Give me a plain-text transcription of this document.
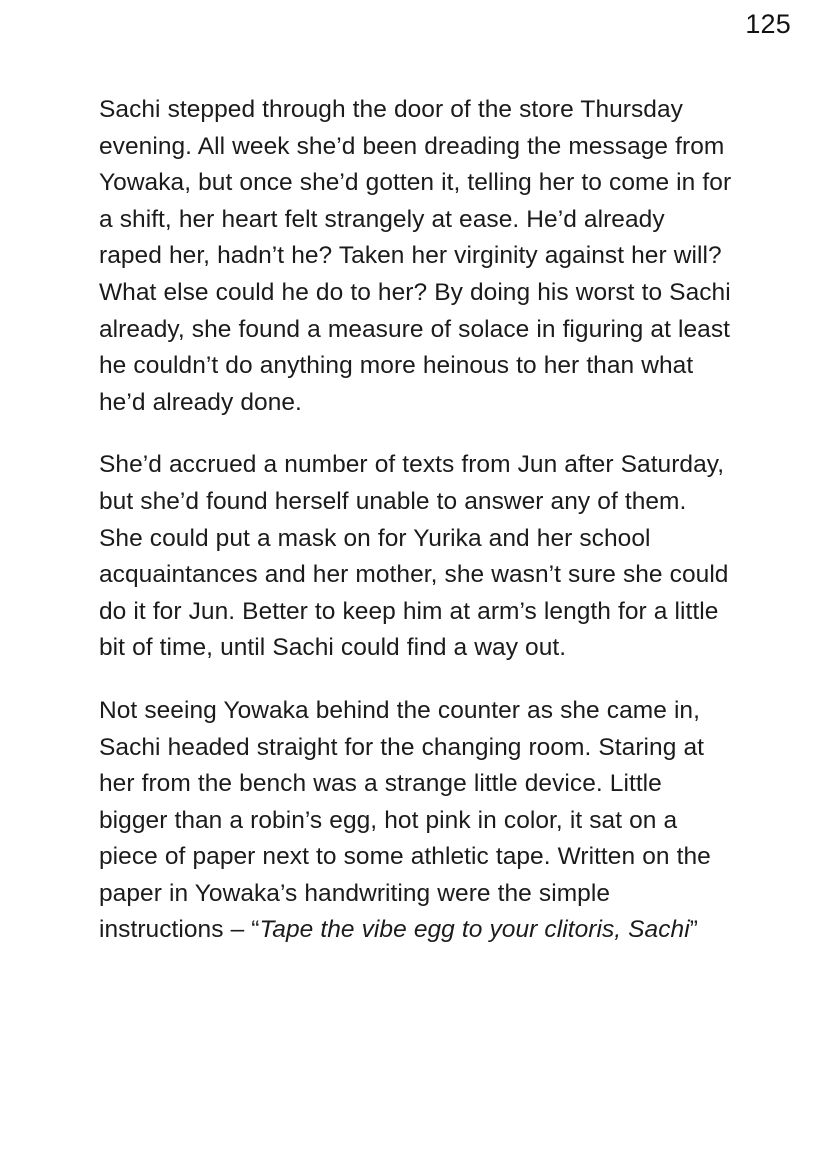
125

Sachi stepped through the door of the store Thursday evening. All week she’d been dreading the message from Yowaka, but once she’d gotten it, telling her to come in for a shift, her heart felt strangely at ease. He’d already raped her, hadn’t he? Taken her virginity against her will? What else could he do to her? By doing his worst to Sachi already, she found a measure of solace in figuring at least he couldn’t do anything more heinous to her than what he’d already done.

She’d accrued a number of texts from Jun after Saturday, but she’d found herself unable to answer any of them. She could put a mask on for Yurika and her school acquaintances and her mother, she wasn’t sure she could do it for Jun. Better to keep him at arm’s length for a little bit of time, until Sachi could find a way out.

Not seeing Yowaka behind the counter as she came in, Sachi headed straight for the changing room. Staring at her from the bench was a strange little device. Little bigger than a robin’s egg, hot pink in color, it sat on a piece of paper next to some athletic tape. Written on the paper in Yowaka’s handwriting were the simple instructions – “Tape the vibe egg to your clitoris, Sachi”
